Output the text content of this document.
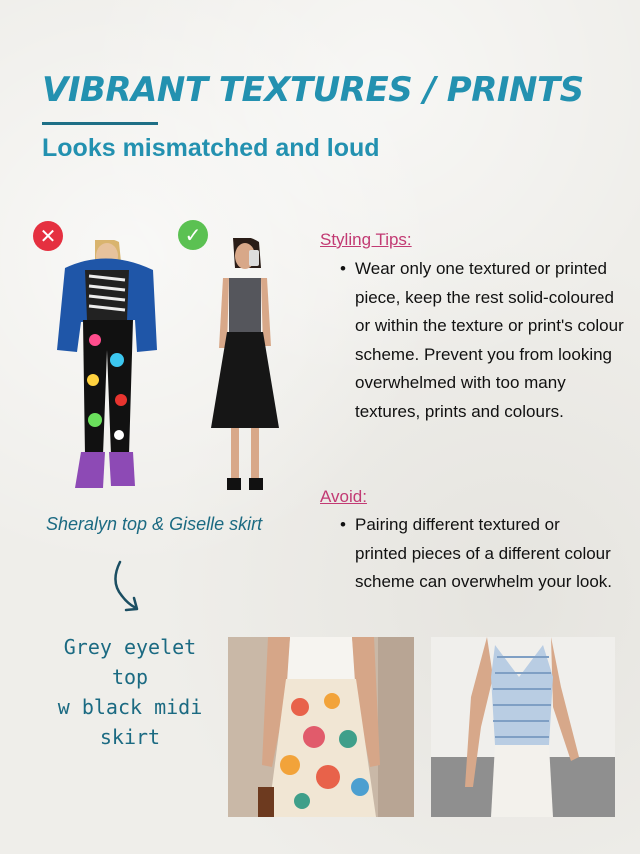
VIBRANT TEXTURES / PRINTS
Looks mismatched and loud
✕	✓

Sheralyn top & Giselle skirt

Grey eyelet top
w black midi
skirt

Styling Tips:

• Wear only one textured or printed piece, keep the rest solid-coloured or within the texture or print's colour scheme. Prevent you from looking overwhelmed with too many textures, prints and colours.

Avoid:

• Pairing different textured or printed pieces of a different colour scheme can overwhelm your look.
